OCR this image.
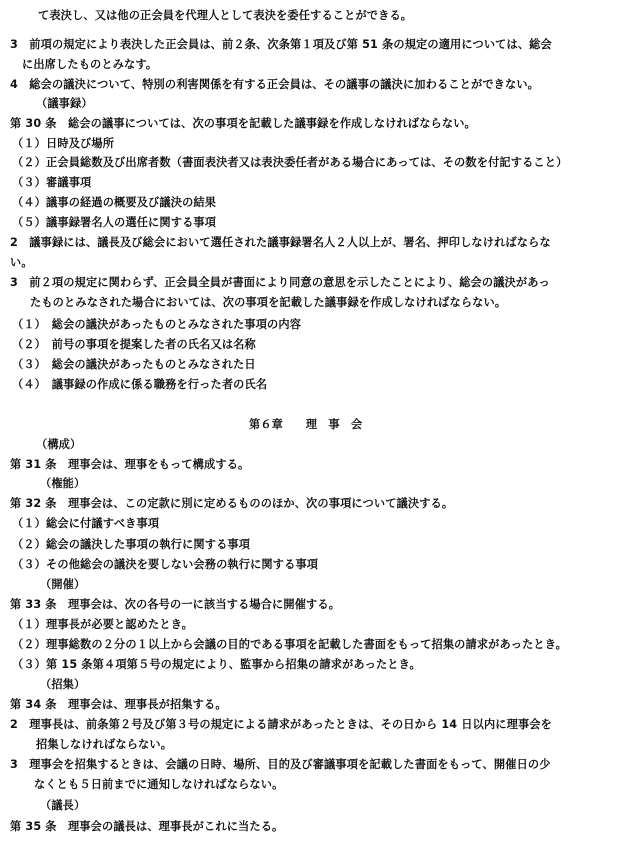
て表決し、又は他の正会員を代理人として表決を委任することができる。
3　前項の規定により表決した正会員は、前２条、次条第１項及び第 51 条の規定の適用については、総会
に出席したものとみなす。
4　総会の議決について、特別の利害関係を有する正会員は、その議事の議決に加わることができない。
（議事録）
第 30 条　総会の議事については、次の事項を記載した議事録を作成しなければならない。
（１）日時及び場所
（２）正会員総数及び出席者数（書面表決者又は表決委任者がある場合にあっては、その数を付記すること）
（３）審議事項
（４）議事の経過の概要及び議決の結果
（５）議事録署名人の選任に関する事項
2　議事録には、議長及び総会において選任された議事録署名人２人以上が、署名、押印しなければならな
い。
3　前２項の規定に関わらず、正会員全員が書面により同意の意思を示したことにより、総会の議決があっ
たものとみなされた場合においては、次の事項を記載した議事録を作成しなければならない。
（１）　総会の議決があったものとみなされた事項の内容
（２）　前号の事項を提案した者の氏名又は名称
（３）　総会の議決があったものとみなされた日
（４）　議事録の作成に係る職務を行った者の氏名
第６章　　理　事　会
（構成）
第 31 条　理事会は、理事をもって構成する。
（権能）
第 32 条　理事会は、この定款に別に定めるもののほか、次の事項について議決する。
（１）総会に付議すべき事項
（２）総会の議決した事項の執行に関する事項
（３）その他総会の議決を要しない会務の執行に関する事項
（開催）
第 33 条　理事会は、次の各号の一に該当する場合に開催する。
（１）理事長が必要と認めたとき。
（２）理事総数の２分の１以上から会議の目的である事項を記載した書面をもって招集の請求があったとき。
（３）第 15 条第４項第５号の規定により、監事から招集の請求があったとき。
（招集）
第 34 条　理事会は、理事長が招集する。
2　理事長は、前条第２号及び第３号の規定による請求があったときは、その日から 14 日以内に理事会を
招集しなければならない。
3　理事会を招集するときは、会議の日時、場所、目的及び審議事項を記載した書面をもって、開催日の少
なくとも５日前までに通知しなければならない。
（議長）
第 35 条　理事会の議長は、理事長がこれに当たる。
